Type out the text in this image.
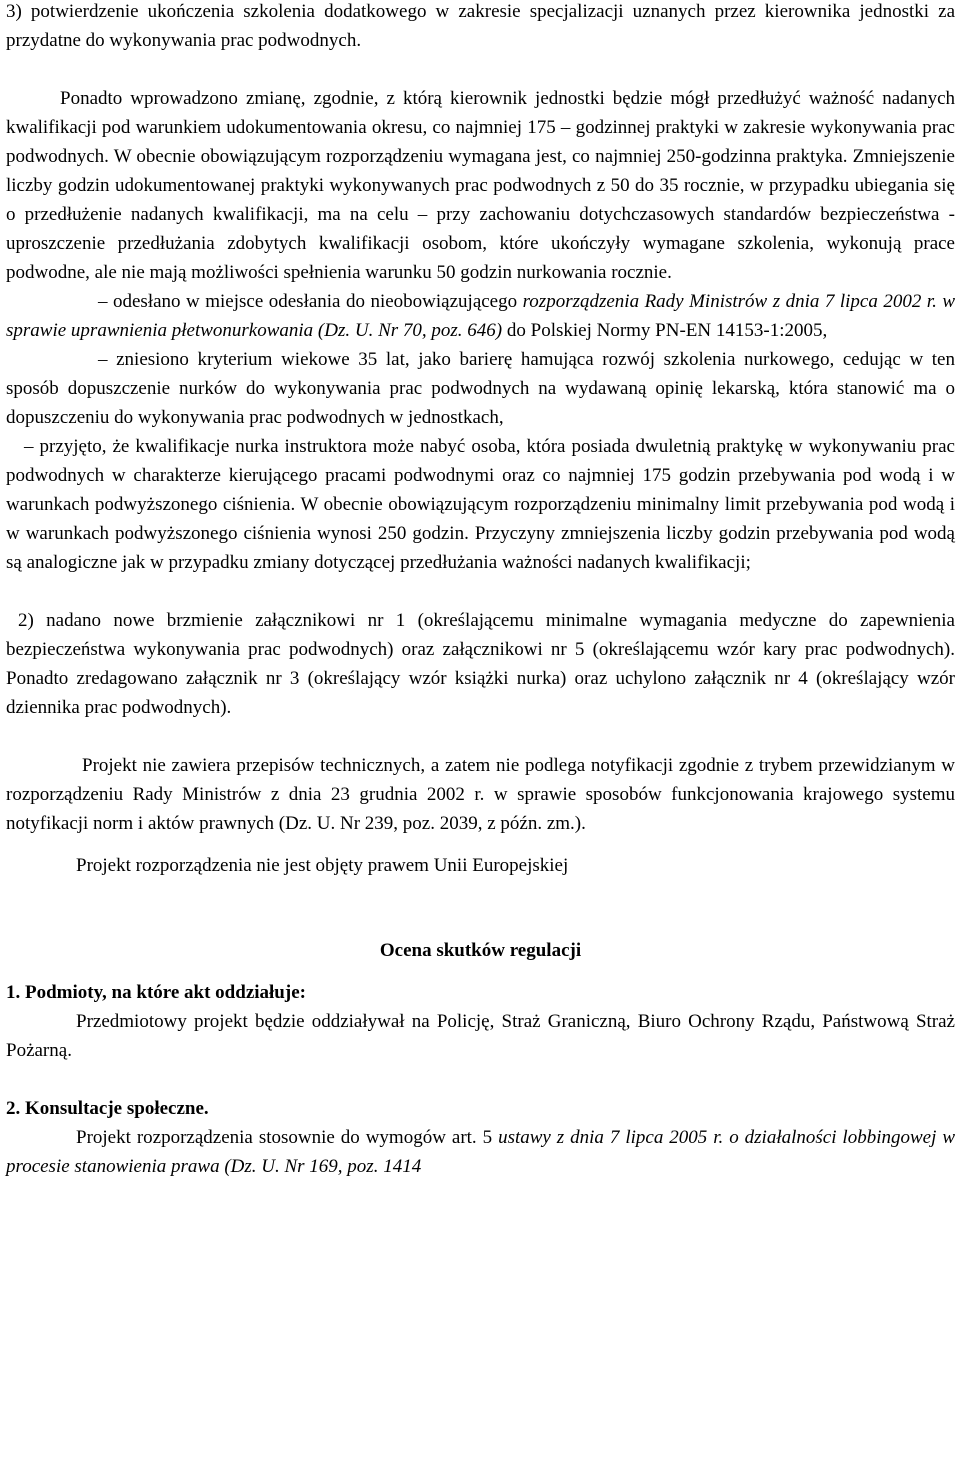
3) potwierdzenie ukończenia szkolenia dodatkowego w zakresie specjalizacji uznanych przez kierownika jednostki za przydatne do wykonywania prac podwodnych.

Ponadto wprowadzono zmianę, zgodnie, z którą kierownik jednostki będzie mógł przedłużyć ważność nadanych kwalifikacji pod warunkiem udokumentowania okresu, co najmniej 175 – godzinnej praktyki w zakresie wykonywania prac podwodnych. W obecnie obowiązującym rozporządzeniu wymagana jest, co najmniej 250-godzinna praktyka. Zmniejszenie liczby godzin udokumentowanej praktyki wykonywanych prac podwodnych z 50 do 35 rocznie, w przypadku ubiegania się o przedłużenie nadanych kwalifikacji, ma na celu – przy zachowaniu dotychczasowych standardów bezpieczeństwa - uproszczenie przedłużania zdobytych kwalifikacji osobom, które ukończyły wymagane szkolenia, wykonują prace podwodne, ale nie mają możliwości spełnienia warunku 50 godzin nurkowania rocznie.

– odesłano w miejsce odesłania do nieobowiązującego rozporządzenia Rady Ministrów z dnia 7 lipca 2002 r. w sprawie uprawnienia płetwonurkowania (Dz. U. Nr 70, poz. 646) do Polskiej Normy PN-EN 14153-1:2005,

– zniesiono kryterium wiekowe 35 lat, jako barierę hamująca rozwój szkolenia nurkowego, cedując w ten sposób dopuszczenie nurków do wykonywania prac podwodnych na wydawaną opinię lekarską, która stanowić ma o dopuszczeniu do wykonywania prac podwodnych w jednostkach,

– przyjęto, że kwalifikacje nurka instruktora może nabyć osoba, która posiada dwuletnią praktykę w wykonywaniu prac podwodnych w charakterze kierującego pracami podwodnymi oraz co najmniej 175 godzin przebywania pod wodą i w warunkach podwyższonego ciśnienia. W obecnie obowiązującym rozporządzeniu minimalny limit przebywania pod wodą i w warunkach podwyższonego ciśnienia wynosi 250 godzin. Przyczyny zmniejszenia liczby godzin przebywania pod wodą są analogiczne jak w przypadku zmiany dotyczącej przedłużania ważności nadanych kwalifikacji;

2) nadano nowe brzmienie załącznikowi nr 1 (określającemu minimalne wymagania medyczne do zapewnienia bezpieczeństwa wykonywania prac podwodnych) oraz załącznikowi nr 5 (określającemu wzór kary prac podwodnych). Ponadto zredagowano załącznik nr 3 (określający wzór książki nurka) oraz uchylono załącznik nr 4 (określający wzór dziennika prac podwodnych).

Projekt nie zawiera przepisów technicznych, a zatem nie podlega notyfikacji zgodnie z trybem przewidzianym w rozporządzeniu Rady Ministrów z dnia 23 grudnia 2002 r. w sprawie sposobów funkcjonowania krajowego systemu notyfikacji norm i aktów prawnych (Dz. U. Nr 239, poz. 2039, z późn. zm.).

Projekt rozporządzenia nie jest objęty prawem Unii Europejskiej

Ocena skutków regulacji

1. Podmioty, na które akt oddziałuje:

Przedmiotowy projekt będzie oddziaływał na Policję, Straż Graniczną, Biuro Ochrony Rządu, Państwową Straż Pożarną.

2. Konsultacje społeczne.

Projekt rozporządzenia stosownie do wymogów art. 5 ustawy z dnia 7 lipca 2005 r. o działalności lobbingowej w procesie stanowienia prawa (Dz. U. Nr 169, poz. 1414
